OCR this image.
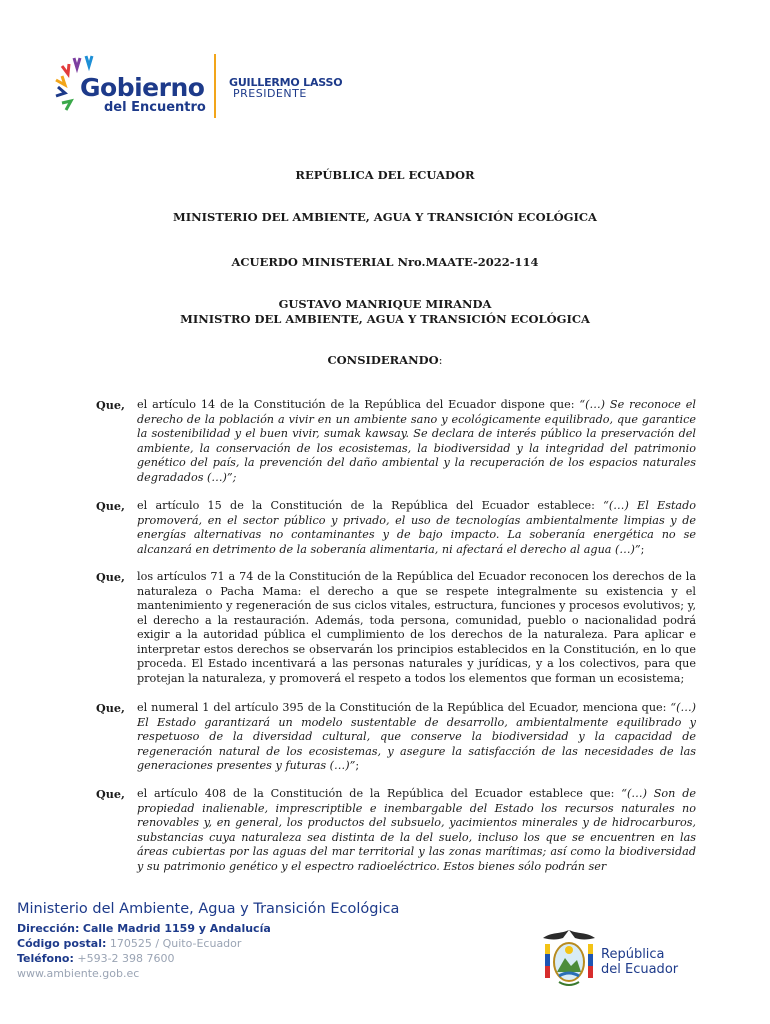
Gobierno
del Encuentro
GUILLERMO LASSO
PRESIDENTE
REPÚBLICA DEL ECUADOR
MINISTERIO DEL AMBIENTE, AGUA Y TRANSICIÓN ECOLÓGICA
ACUERDO MINISTERIAL Nro.MAATE-2022-114
GUSTAVO MANRIQUE MIRANDA
MINISTRO DEL AMBIENTE, AGUA Y TRANSICIÓN ECOLÓGICA
CONSIDERANDO:
Que, el artículo 14 de la Constitución de la República del Ecuador dispone que: “(…) Se reconoce el derecho de la población a vivir en un ambiente sano y ecológicamente equilibrado, que garantice la sostenibilidad y el buen vivir, sumak kawsay. Se declara de interés público la preservación del ambiente, la conservación de los ecosistemas, la biodiversidad y la integridad del patrimonio genético del país, la prevención del daño ambiental y la recuperación de los espacios naturales degradados (…)”;
Que, el artículo 15 de la Constitución de la República del Ecuador establece: “(…) El Estado promoverá, en el sector público y privado, el uso de tecnologías ambientalmente limpias y de energías alternativas no contaminantes y de bajo impacto. La soberanía energética no se alcanzará en detrimento de la soberanía alimentaria, ni afectará el derecho al agua (…)”;
Que, los artículos 71 a 74 de la Constitución de la República del Ecuador reconocen los derechos de la naturaleza o Pacha Mama: el derecho a que se respete integralmente su existencia y el mantenimiento y regeneración de sus ciclos vitales, estructura, funciones y procesos evolutivos; y, el derecho a la restauración. Además, toda persona, comunidad, pueblo o nacionalidad podrá exigir a la autoridad pública el cumplimiento de los derechos de la naturaleza. Para aplicar e interpretar estos derechos se observarán los principios establecidos en la Constitución, en lo que proceda. El Estado incentivará a las personas naturales y jurídicas, y a los colectivos, para que protejan la naturaleza, y promoverá el respeto a todos los elementos que forman un ecosistema;
Que, el numeral 1 del artículo 395 de la Constitución de la República del Ecuador, menciona que: “(…) El Estado garantizará un modelo sustentable de desarrollo, ambientalmente equilibrado y respetuoso de la diversidad cultural, que conserve la biodiversidad y la capacidad de regeneración natural de los ecosistemas, y asegure la satisfacción de las necesidades de las generaciones presentes y futuras (…)”;
Que, el artículo 408 de la Constitución de la República del Ecuador establece que: “(…) Son de propiedad inalienable, imprescriptible e inembargable del Estado los recursos naturales no renovables y, en general, los productos del subsuelo, yacimientos minerales y de hidrocarburos, substancias cuya naturaleza sea distinta de la del suelo, incluso los que se encuentren en las áreas cubiertas por las aguas del mar territorial y las zonas marítimas; así como la biodiversidad y su patrimonio genético y el espectro radioeléctrico. Estos bienes sólo podrán ser
Ministerio del Ambiente, Agua y Transición Ecológica
Dirección: Calle Madrid 1159 y Andalucía
Código postal: 170525 / Quito-Ecuador
Teléfono: +593-2 398 7600
www.ambiente.gob.ec
República
del Ecuador
